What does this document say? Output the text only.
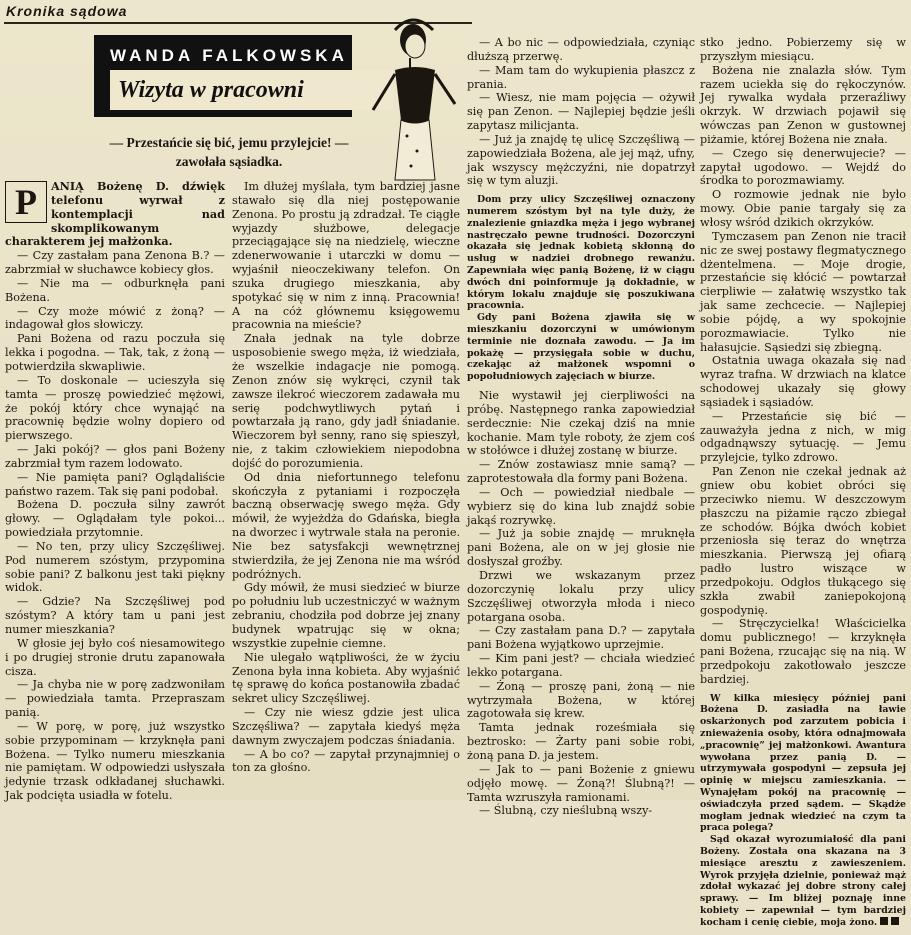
Kronika sądowa
WANDA FALKOWSKA
Wizyta w pracowni
— Przestańcie się bić, jemu przylejcie! — zawołała sąsiadka.

P	ANIĄ Bożenę D. dźwięk telefonu wyrwał z kontemplacji nad skomplikowanym charakterem jej małżonka.

— Czy zastałam pana Zenona B.? — zabrzmiał w słuchawce kobiecy głos.

— Nie ma — odburknęła pani Bożena.

— Czy może mówić z żoną? — indagował głos słowiczy.

Pani Bożena od razu poczuła się lekka i pogodna. — Tak, tak, z żoną — potwierdziła skwapliwie.

— To doskonale — ucieszyła się tamta — proszę powiedzieć mężowi, że pokój który chce wynająć na pracownię będzie wolny dopiero od pierwszego.

— Jaki pokój? — głos pani Bożeny zabrzmiał tym razem lodowato.

— Nie pamięta pani? Oglądaliście państwo razem. Tak się pani podobał.

Bożena D. poczuła silny zawrót głowy. — Oglądałam tyle pokoi... powiedziała przytomnie.

— No ten, przy ulicy Szczęśliwej. Pod numerem szóstym, przypomina sobie pani? Z balkonu jest taki piękny widok.

— Gdzie? Na Szczęśliwej pod szóstym? A który tam u pani jest numer mieszkania?

W głosie jej było coś niesamowitego i po drugiej stronie drutu zapanowała cisza.

— Ja chyba nie w porę zadzwoniłam — powiedziała tamta. Przepraszam panią.

— W porę, w porę, już wszystko sobie przypominam — krzyknęła pani Bożena. — Tylko numeru mieszkania nie pamiętam. W odpowiedzi usłyszała jedynie trzask odkładanej słuchawki. Jak podcięta usiadła w fotelu.

Im dłużej myślała, tym bardziej jasne stawało się dla niej postępowanie Zenona. Po prostu ją zdradzał. Te ciągłe wyjazdy służbowe, delegacje przeciągające się na niedzielę, wieczne zdenerwowanie i utarczki w domu — wyjaśnił nieoczekiwany telefon. On szuka drugiego mieszkania, aby spotykać się w nim z inną. Pracownia! A na cóż głównemu księgowemu pracownia na mieście?

Znała jednak na tyle dobrze usposobienie swego męża, iż wiedziała, że wszelkie indagacje nie pomogą. Zenon znów się wykręci, czynił tak zawsze ilekroć wieczorem zadawała mu serię podchwytliwych pytań i powtarzała ją rano, gdy jadł śniadanie. Wieczorem był senny, rano się spieszył, nie, z takim człowiekiem niepodobna dojść do porozumienia.

Od dnia niefortunnego telefonu skończyła z pytaniami i rozpoczęła baczną obserwację swego męża. Gdy mówił, że wyjeżdża do Gdańska, biegła na dworzec i wytrwale stała na peronie. Nie bez satysfakcji wewnętrznej stwierdziła, że jej Zenona nie ma wśród podróżnych.

Gdy mówił, że musi siedzieć w biurze po południu lub uczestniczyć w ważnym zebraniu, chodziła pod dobrze jej znany budynek wpatrując się w okna; wszystkie zupełnie ciemne.

Nie ulegało wątpliwości, że w życiu Zenona była inna kobieta. Aby wyjaśnić tę sprawę do końca postanowiła zbadać sekret ulicy Szczęśliwej.

— Czy nie wiesz gdzie jest ulica Szczęśliwa? — zapytała kiedyś męża dawnym zwyczajem podczas śniadania.

— A bo co? — zapytał przynajmniej o ton za głośno.

— A bo nic — odpowiedziała, czyniąc dłuższą przerwę.

— Mam tam do wykupienia płaszcz z prania.

— Wiesz, nie mam pojęcia — ożywił się pan Zenon. — Najlepiej będzie jeśli zapytasz milicjanta.

— Już ja znajdę tę ulicę Szczęśliwą — zapowiedziała Bożena, ale jej mąż, ufny, jak wszyscy mężczyźni, nie dopatrzył się w tym aluzji.

Dom przy ulicy Szczęśliwej oznaczony numerem szóstym był na tyle duży, że znalezienie gniazdka męża i jego wybranej nastręczało pewne trudności. Dozorczyni okazała się jednak kobietą skłonną do usług w nadziei drobnego rewanżu. Zapewniała więc panią Bożenę, iż w ciągu dwóch dni poinformuje ją dokładnie, w którym lokalu znajduje się poszukiwana pracownia.

Gdy pani Bożena zjawiła się w mieszkaniu dozorczyni w umówionym terminie nie doznała zawodu. — Ja im pokażę — przysięgała sobie w duchu, czekając aż małżonek wspomni o popołudniowych zajęciach w biurze.

Nie wystawił jej cierpliwości na próbę. Następnego ranka zapowiedział serdecznie: Nie czekaj dziś na mnie kochanie. Mam tyle roboty, że zjem coś w stołówce i dłużej zostanę w biurze.

— Znów zostawiasz mnie samą? — zaprotestowała dla formy pani Bożena.

— Och — powiedział niedbale — wybierz się do kina lub znajdź sobie jakąś rozrywkę.

— Już ja sobie znajdę — mruknęła pani Bożena, ale on w jej głosie nie dosłyszał groźby.

Drzwi we wskazanym przez dozorczynię lokalu przy ulicy Szczęśliwej otworzyła młoda i nieco potargana osoba.

— Czy zastałam pana D.? — zapytała pani Bożena wyjątkowo uprzejmie.

— Kim pani jest? — chciała wiedzieć lekko potargana.

— Żoną — proszę pani, żoną — nie wytrzymała Bożena, w której zagotowała się krew.

Tamta jednak roześmiała się beztrosko: — Żarty pani sobie robi, żoną pana D. ja jestem.

— Jak to — pani Bożenie z gniewu odjęło mowę. — Żoną?! Ślubną?! — Tamta wzruszyła ramionami.

— Ślubną, czy nieślubną wszy-

stko jedno. Pobierzemy się w przyszłym miesiącu.

Bożena nie znalazła słów. Tym razem uciekła się do rękoczynów. Jej rywalka wydała przeraźliwy okrzyk. W drzwiach pojawił się wówczas pan Zenon w gustownej piżamie, której Bożena nie znała.

— Czego się denerwujecie? — zapytał ugodowo. — Wejdź do środka to porozmawiamy.

O rozmowie jednak nie było mowy. Obie panie targały się za włosy wśród dzikich okrzyków.

Tymczasem pan Zenon nie tracił nic ze swej postawy flegmatycznego dżentelmena. — Moje drogie, przestańcie się kłócić — powtarzał cierpliwie — załatwię wszystko tak jak same zechcecie. — Najlepiej sobie pójdę, a wy spokojnie porozmawiacie. Tylko nie hałasujcie. Sąsiedzi się zbiegną.

Ostatnia uwaga okazała się nad wyraz trafna. W drzwiach na klatce schodowej ukazały się głowy sąsiadek i sąsiadów.

— Przestańcie się bić — zauważyła jedna z nich, w mig odgadnąwszy sytuację. — Jemu przylejcie, tylko zdrowo.

Pan Zenon nie czekał jednak aż gniew obu kobiet obróci się przeciwko niemu. W deszczowym płaszczu na piżamie rączo zbiegał ze schodów. Bójka dwóch kobiet przeniosła się teraz do wnętrza mieszkania. Pierwszą jej ofiarą padło lustro wiszące w przedpokoju. Odgłos tłukącego się szkła zwabił zaniepokojoną gospodynię.

— Stręczycielka! Właścicielka domu publicznego! — krzyknęła pani Bożena, rzucając się na nią. W przedpokoju zakotłowało jeszcze bardziej.

W kilka miesięcy później pani Bożena D. zasiadła na ławie oskarżonych pod zarzutem pobicia i znieważenia osoby, która odnajmowała „pracownię” jej małżonkowi. Awantura wywołana przez panią D. — utrzymywała gospodyni — zepsuła jej opinię w miejscu zamieszkania. — Wynajęłam pokój na pracownię — oświadczyła przed sądem. — Skądże mogłam jednak wiedzieć na czym ta praca polega?

Sąd okazał wyrozumiałość dla pani Bożeny. Została ona skazana na 3 miesiące aresztu z zawieszeniem. Wyrok przyjęła dzielnie, ponieważ mąż zdołał wykazać jej dobre strony całej sprawy. — Im bliżej poznaję inne kobiety — zapewniał — tym bardziej kocham i cenię ciebie, moja żono.
